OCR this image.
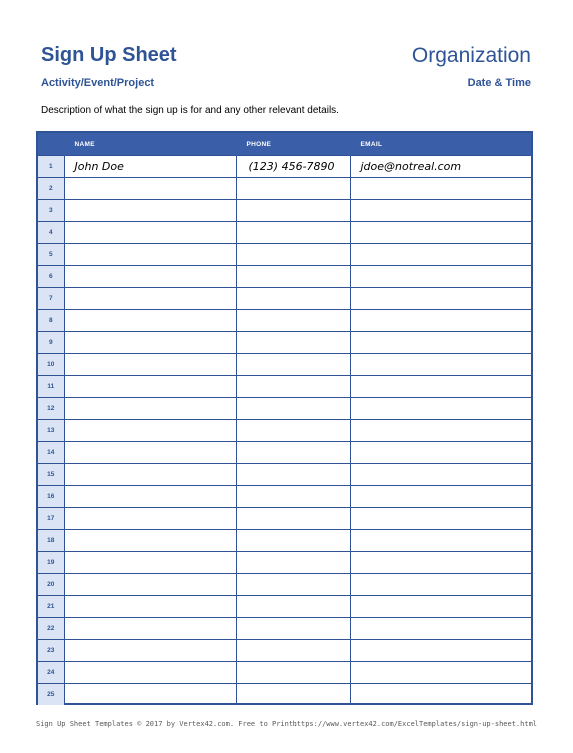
Sign Up Sheet	Organization
Activity/Event/Project	Date & Time
Description of what the sign up is for and any other relevant details.
	NAME	PHONE	EMAIL
1	John Doe	(123) 456-7890	jdoe@notreal.com
2			
3			
4			
5			
6			
7			
8			
9			
10			
11			
12			
13			
14			
15			
16			
17			
18			
19			
20			
21			
22			
23			
24			
25			
Sign Up Sheet Templates © 2017 by Vertex42.com. Free to Print.
https://www.vertex42.com/ExcelTemplates/sign-up-sheet.html
